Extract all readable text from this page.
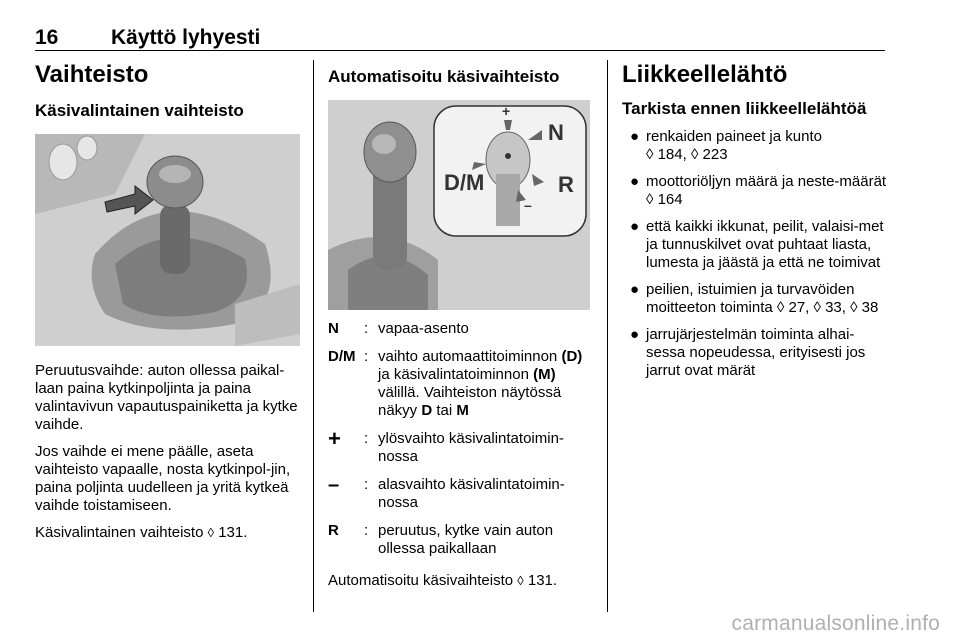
16	Käyttö lyhyesti
Vaihteisto
Käsivalintainen vaihteisto

Peruutusvaihde: auton ollessa paikal-laan paina kytkinpoljinta ja paina valintavivun vapautuspainiketta ja kytke vaihde.

Jos vaihde ei mene päälle, aseta vaihteisto vapaalle, nosta kytkinpol-jin, paina poljinta uudelleen ja yritä kytkeä vaihde toistamiseen.

Käsivalintainen vaihteisto ◊ 131.

Automatisoitu käsivaihteisto
+
–
D/M
N
R
N	: vapaa-asento
D/M : vaihto automaattitoiminnon (D) ja käsivalintatoiminnon (M) välillä. Vaihteiston näytössä näkyy D tai M
+	: ylösvaihto käsivalintatoimin-nossa
–	: alasvaihto käsivalintatoimin-nossa
R	: peruutus, kytke vain auton ollessa paikallaan

Automatisoitu käsivaihteisto ◊ 131.

Liikkeellelähtö
Tarkista ennen liikkeellelähtöä
● renkaiden paineet ja kunto
◊ 184, ◊ 223
● moottoriöljyn määrä ja neste-määrät ◊ 164
● että kaikki ikkunat, peilit, valaisi-met ja tunnuskilvet ovat puhtaat liasta, lumesta ja jäästä ja että ne toimivat
● peilien, istuimien ja turvavöiden moitteeton toiminta ◊ 27, ◊ 33, ◊ 38
● jarrujärjestelmän toiminta alhai-sessa nopeudessa, erityisesti jos jarrut ovat märät
carmanualsonline.info
